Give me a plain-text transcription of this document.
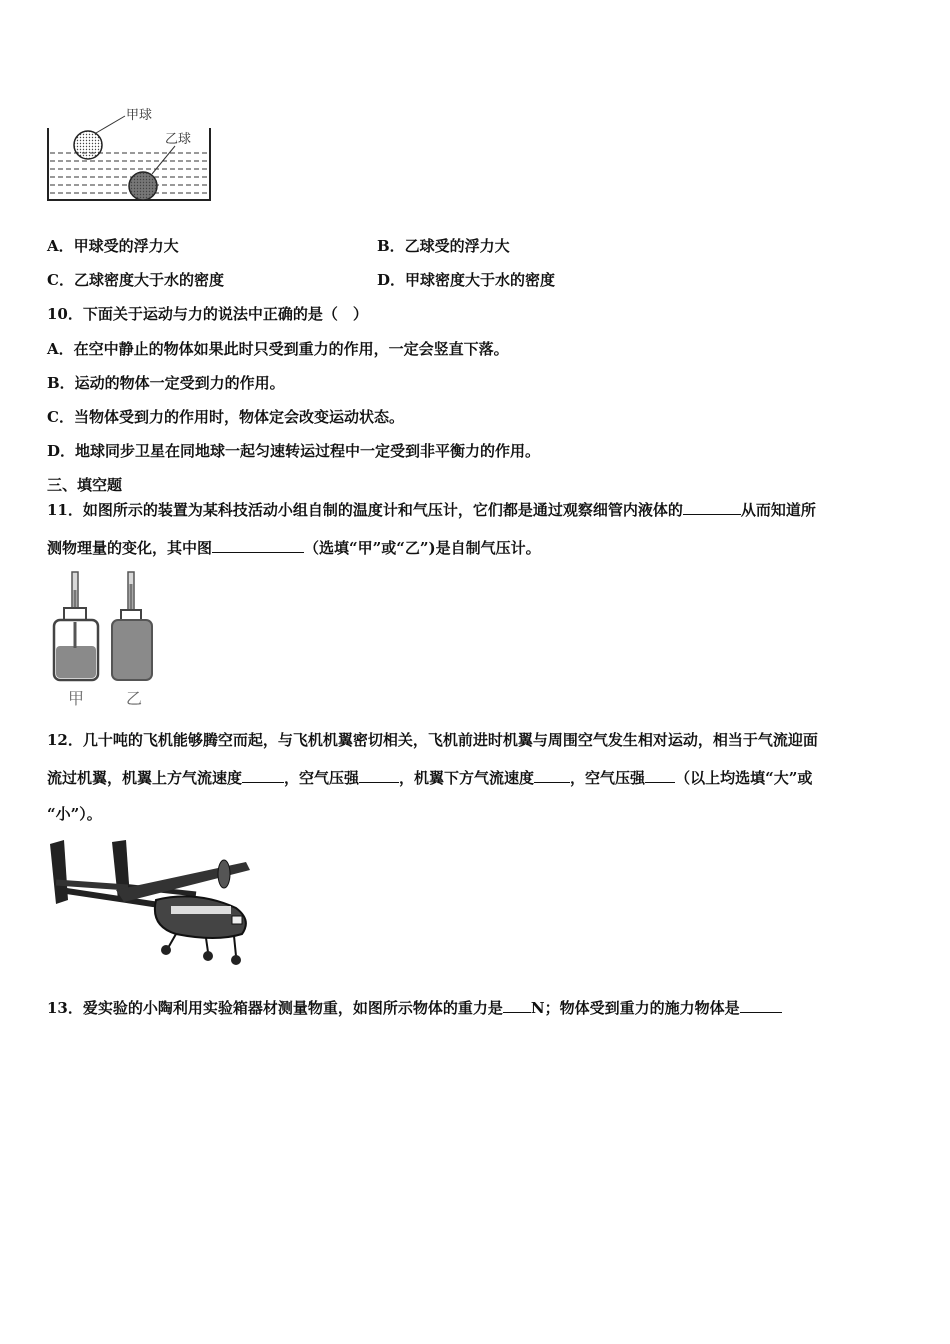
甲球
乙球
A．甲球受的浮力大	B．乙球受的浮力大
C．乙球密度大于水的密度	D．甲球密度大于水的密度
10．下面关于运动与力的说法中正确的是（　）
A．在空中静止的物体如果此时只受到重力的作用，一定会竖直下落。
B．运动的物体一定受到力的作用。
C．当物体受到力的作用时，物体定会改变运动状态。
D．地球同步卫星在同地球一起匀速转运过程中一定受到非平衡力的作用。
三、填空题
11．如图所示的装置为某科技活动小组自制的温度计和气压计，它们都是通过观察细管内液体的	从而知道所
测物理量的变化，其中图	（选填“甲”或“乙”)是自制气压计。
甲	乙
12．几十吨的飞机能够腾空而起，与飞机机翼密切相关，飞机前进时机翼与周围空气发生相对运动，相当于气流迎面
流过机翼，机翼上方气流速度	，空气压强	，机翼下方气流速度 ，空气压强 （以上均选填“大”或
“小”）。
13．爱实验的小陶利用实验箱器材测量物重，如图所示物体的重力是 N；物体受到重力的施力物体是
